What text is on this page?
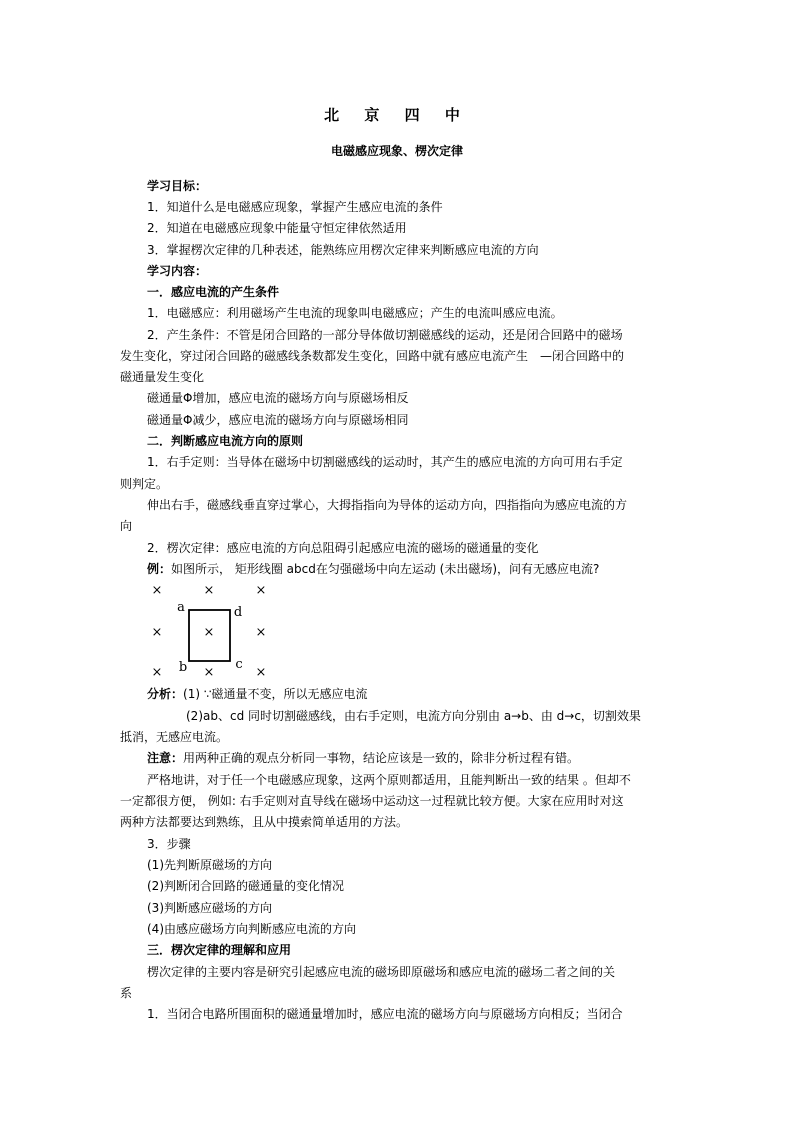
北 京 四 中
电磁感应现象、楞次定律
学习目标：
1．知道什么是电磁感应现象，掌握产生感应电流的条件
2．知道在电磁感应现象中能量守恒定律依然适用
3．掌握楞次定律的几种表述，能熟练应用楞次定律来判断感应电流的方向
学习内容：
一．感应电流的产生条件
1．电磁感应：利用磁场产生电流的现象叫电磁感应；产生的电流叫感应电流。
2．产生条件：不管是闭合回路的一部分导体做切割磁感线的运动，还是闭合回路中的磁场
发生变化，穿过闭合回路的磁感线条数都发生变化，回路中就有感应电流产生　—闭合回路中的
磁通量发生变化
磁通量Φ增加，感应电流的磁场方向与原磁场相反
磁通量Φ减少，感应电流的磁场方向与原磁场相同
二．判断感应电流方向的原则
1．右手定则：当导体在磁场中切割磁感线的运动时，其产生的感应电流的方向可用右手定
则判定。
伸出右手，磁感线垂直穿过掌心，大拇指指向为导体的运动方向，四指指向为感应电流的方
向
2．楞次定律：感应电流的方向总阻碍引起感应电流的磁场的磁通量的变化
例：如图所示， 矩形线圈 abcd在匀强磁场中向左运动 (未出磁场)，问有无感应电流?
×	×	×
×	×	×
×	×	×
a	d
b	c
分析：(1) ∵磁通量不变，所以无感应电流
(2)ab、cd 同时切割磁感线，由右手定则，电流方向分别由 a→b、由 d→c，切割效果
抵消，无感应电流。
注意：用两种正确的观点分析同一事物，结论应该是一致的，除非分析过程有错。
严格地讲，对于任一个电磁感应现象，这两个原则都适用，且能判断出一致的结果 。但却不
一定都很方便， 例如: 右手定则对直导线在磁场中运动这一过程就比较方便。大家在应用时对这
两种方法都要达到熟练，且从中摸索简单适用的方法。
3．步骤
(1)先判断原磁场的方向
(2)判断闭合回路的磁通量的变化情况
(3)判断感应磁场的方向
(4)由感应磁场方向判断感应电流的方向
三．楞次定律的理解和应用
楞次定律的主要内容是研究引起感应电流的磁场即原磁场和感应电流的磁场二者之间的关
系
1．当闭合电路所围面积的磁通量增加时，感应电流的磁场方向与原磁场方向相反；当闭合
